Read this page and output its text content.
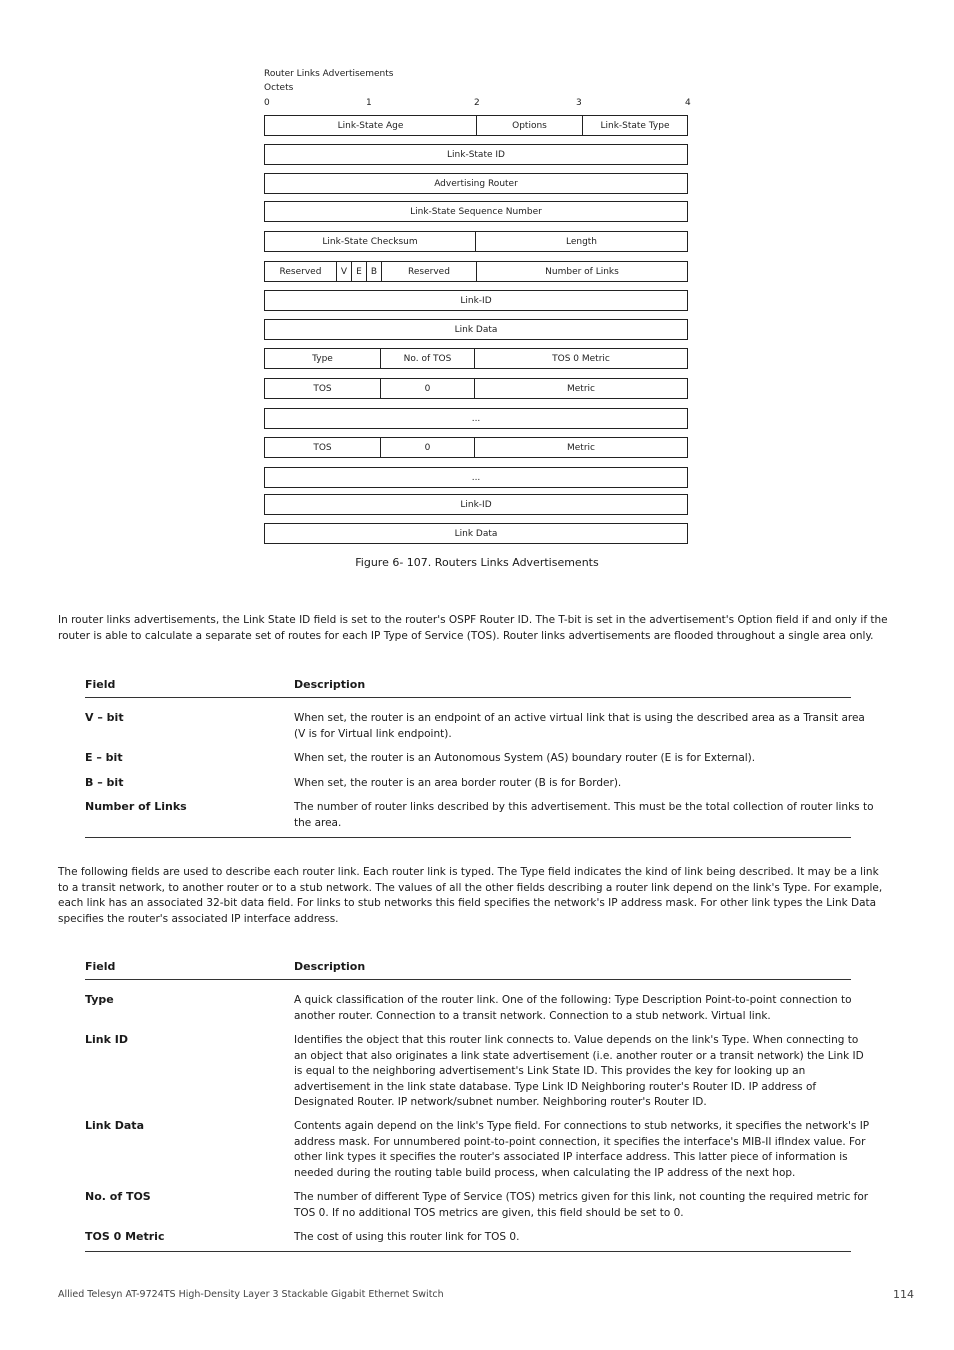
Router Links Advertisements
Octets
0	1	2	3	4
Link-State Age	Options	Link-State Type
Link-State ID
Advertising Router
Link-State Sequence Number
Link-State Checksum	Length
Reserved	V	E	B	Reserved	Number of Links
Link-ID
Link Data
Type	No. of TOS	TOS 0 Metric
TOS	0	Metric
...
TOS	0	Metric
...
Link-ID
Link Data
Figure 6- 107. Routers Links Advertisements
In router links advertisements, the Link State ID field is set to the router's OSPF Router ID. The T-bit is set in the advertisement's Option field if and only if the router is able to calculate a separate set of routes for each IP Type of Service (TOS). Router links advertisements are flooded throughout a single area only.
Field	Description
V – bit	When set, the router is an endpoint of an active virtual link that is using the described area as a Transit area (V is for Virtual link endpoint).
E – bit	When set, the router is an Autonomous System (AS) boundary router (E is for External).
B – bit	When set, the router is an area border router (B is for Border).
Number of Links	The number of router links described by this advertisement. This must be the total collection of router links to the area.
The following fields are used to describe each router link. Each router link is typed. The Type field indicates the kind of link being described. It may be a link to a transit network, to another router or to a stub network. The values of all the other fields describing a router link depend on the link's Type. For example, each link has an associated 32-bit data field. For links to stub networks this field specifies the network's IP address mask. For other link types the Link Data specifies the router's associated IP interface address.
Field	Description
Type	A quick classification of the router link. One of the following: Type Description Point-to-point connection to another router. Connection to a transit network. Connection to a stub network. Virtual link.
Link ID	Identifies the object that this router link connects to. Value depends on the link's Type. When connecting to an object that also originates a link state advertisement (i.e. another router or a transit network) the Link ID is equal to the neighboring advertisement's Link State ID. This provides the key for looking up an advertisement in the link state database. Type Link ID Neighboring router's Router ID. IP address of Designated Router. IP network/subnet number. Neighboring router's Router ID.
Link Data	Contents again depend on the link's Type field. For connections to stub networks, it specifies the network's IP address mask. For unnumbered point-to-point connection, it specifies the interface's MIB-II ifIndex value. For other link types it specifies the router's associated IP interface address. This latter piece of information is needed during the routing table build process, when calculating the IP address of the next hop.
No. of TOS	The number of different Type of Service (TOS) metrics given for this link, not counting the required metric for TOS 0. If no additional TOS metrics are given, this field should be set to 0.
TOS 0 Metric	The cost of using this router link for TOS 0.
Allied Telesyn AT-9724TS High-Density Layer 3 Stackable Gigabit Ethernet Switch	114
